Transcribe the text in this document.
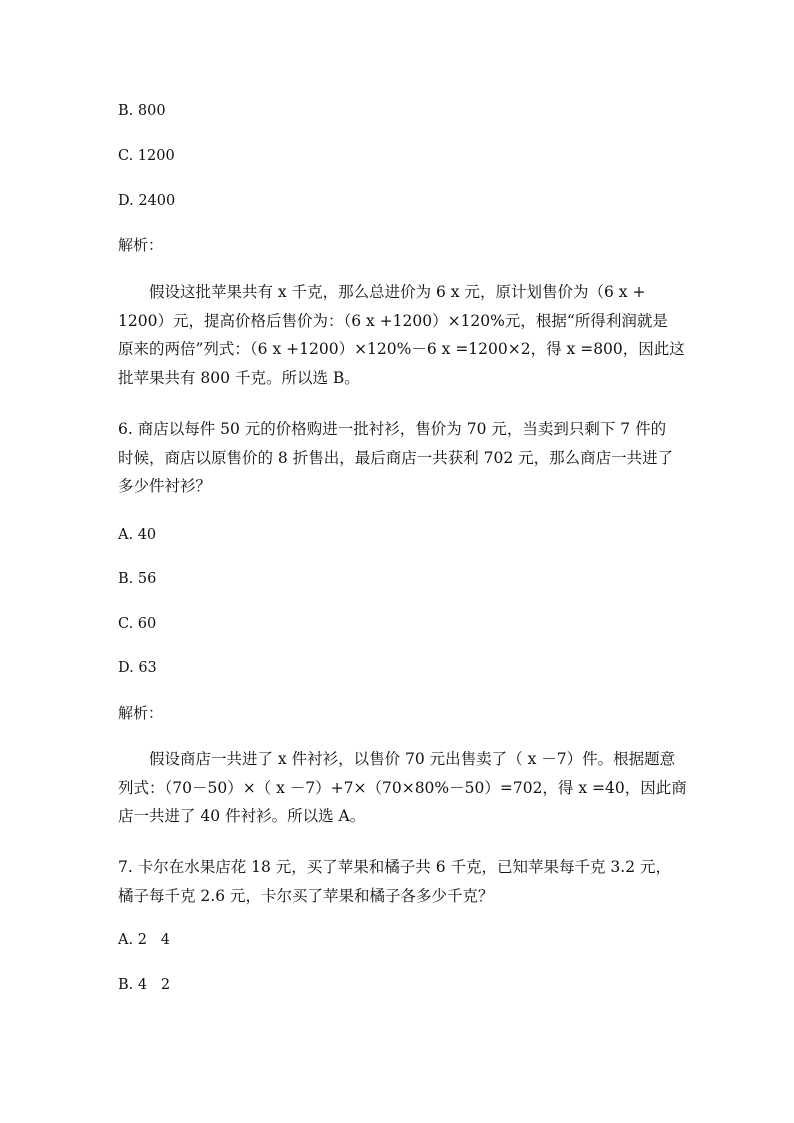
B. 800
C. 1200
D. 2400
解析：
假设这批苹果共有 x 千克，那么总进价为 6 x 元，原计划售价为（6 x +
1200）元，提高价格后售价为：（6 x +1200）×120%元，根据“所得利润就是
原来的两倍”列式：（6 x +1200）×120%－6 x =1200×2，得 x =800，因此这
批苹果共有 800 千克。所以选 B。
6. 商店以每件 50 元的价格购进一批衬衫，售价为 70 元，当卖到只剩下 7 件的
时候，商店以原售价的 8 折售出，最后商店一共获利 702 元，那么商店一共进了
多少件衬衫？
A. 40
B. 56
C. 60
D. 63
解析：
假设商店一共进了 x 件衬衫，以售价 70 元出售卖了（ x －7）件。根据题意
列式：（70－50）×（ x －7）+7×（70×80%－50）=702，得 x =40，因此商
店一共进了 40 件衬衫。所以选 A。
7. 卡尔在水果店花 18 元，买了苹果和橘子共 6 千克，已知苹果每千克 3.2 元，
橘子每千克 2.6 元，卡尔买了苹果和橘子各多少千克？
A. 2   4
B. 4   2
